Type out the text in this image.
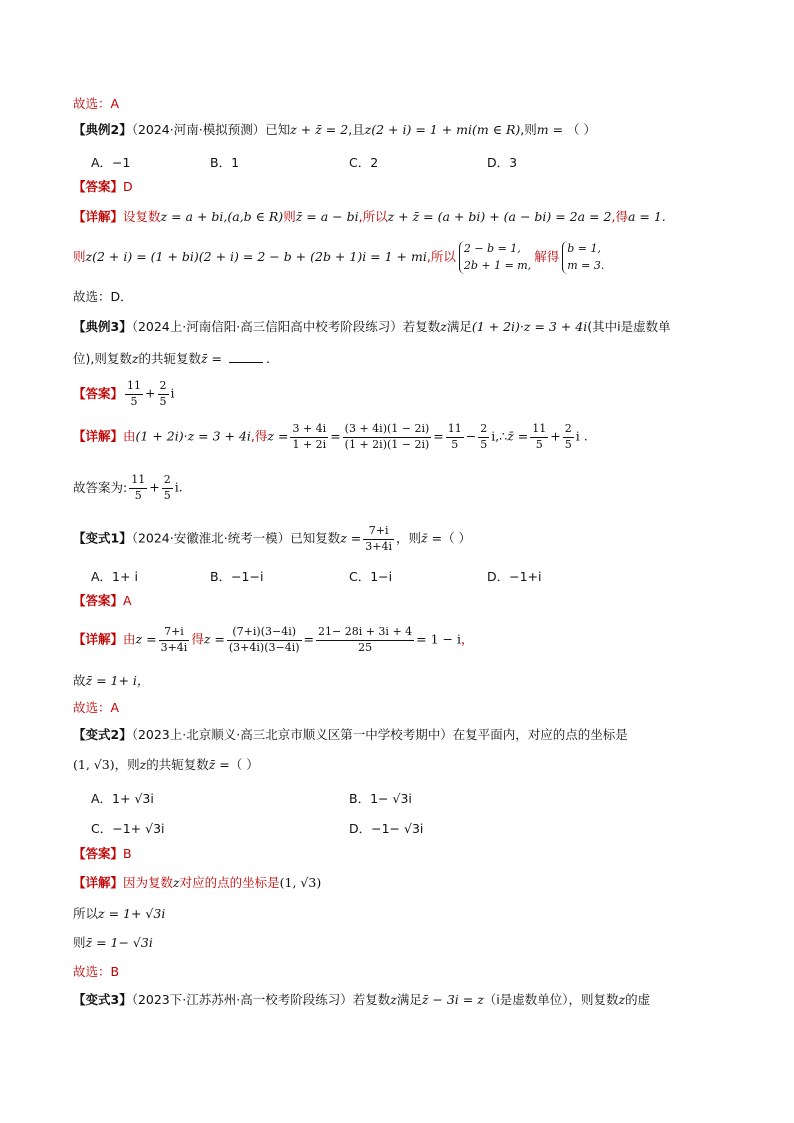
故选：A
【典例2】（2024·河南·模拟预测）已知z + z̄ = 2,且z(2 + i) = 1 + mi(m ∈ R),则m = （ ）
A．−1	B．1	C．2	D．3
【答案】D
【详解】设复数z = a + bi,(a,b ∈ R)则z̄ = a − bi,所以z + z̄ = (a + bi) + (a − bi) = 2a = 2,得a = 1.
则z(2 + i) = (1 + bi)(2 + i) = 2 − b + (2b + 1)i = 1 + mi,所以
2 − b = 1,
2b + 1 = m,
解得
b = 1,
m = 3.
故选：D．
【典例3】（2024上·河南信阳·高三信阳高中校考阶段练习）若复数z满足(1 + 2i)·z = 3 + 4i(其中i是虚数单
位),则复数z的共轭复数z̄ =	.
【答案】 $\frac{11}{5} + \frac{2}{5}$ i
【详解】由(1 + 2i)·z = 3 + 4i,得$z = \frac{3 + 4i}{1 + 2i} = \frac{(3 + 4i)(1 - 2i)}{(1 + 2i)(1 - 2i)} = \frac{11}{5} - \frac{2}{5}$ i,∴z̄ = $\frac{11}{5} + \frac{2}{5}$ i .
故答案为: $\frac{11}{5} + \frac{2}{5} i$.
【变式1】（2024·安徽淮北·统考一模）已知复数$z = \frac{7+i}{3+4i}$ ，则z̄ =（ ）
A．1+ i	B．−1−i	C．1−i	D．−1+i
【答案】A
【详解】由$z = \frac{7+i}{3+4i}$ 得$z = \frac{(7+i)(3-4i)}{(3+4i)(3-4i)} = \frac{21- 28i + 3i + 4}{25} = 1 - i$，
故z̄ = 1+ i，
故选：A
【变式2】（2023上·北京顺义·高三北京市顺义区第一中学校考期中）在复平面内，对应的点的坐标是
(1, √3)，则z的共轭复数z̄ =（ ）
A．1+ √3i	B．1− √3i
C．−1+ √3i	D．−1− √3i
【答案】B
【详解】因为复数z对应的点的坐标是(1, √3)
所以z = 1+ √3i
则z̄ = 1− √3i
故选：B
【变式3】（2023下·江苏苏州·高一校考阶段练习）若复数z满足z̄ − 3i = z（i是虚数单位），则复数z的虚
